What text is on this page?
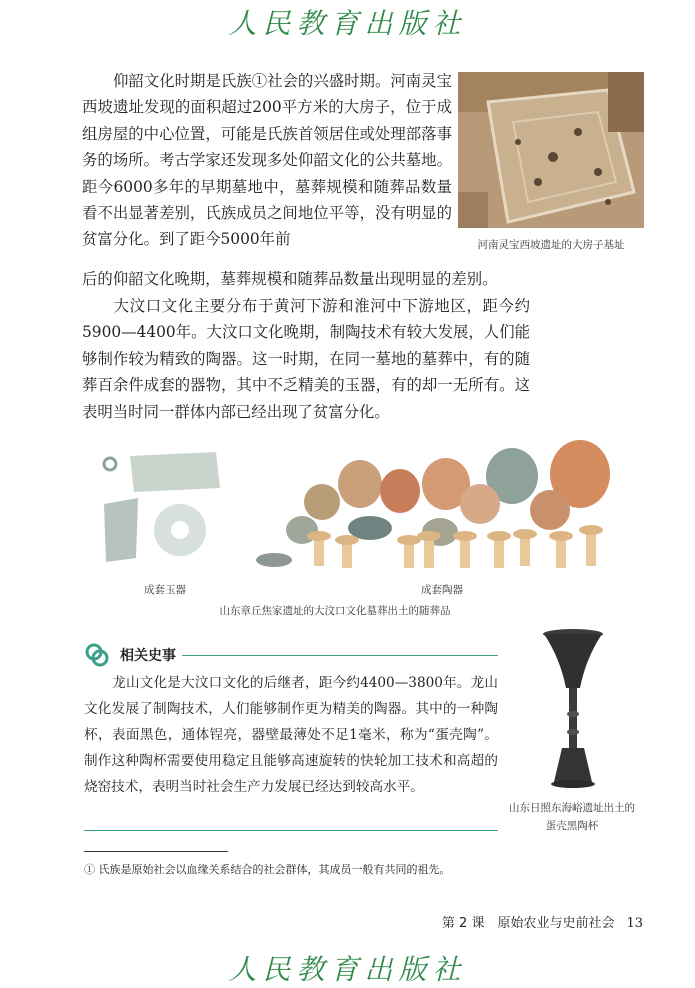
人民教育出版社
仰韶文化时期是氏族①社会的兴盛时期。河南灵宝西坡遗址发现的面积超过200平方米的大房子，位于成组房屋的中心位置，可能是氏族首领居住或处理部落事务的场所。考古学家还发现多处仰韶文化的公共墓地。距今6000多年的早期墓地中，墓葬规模和随葬品数量看不出显著差别，氏族成员之间地位平等，没有明显的贫富分化。到了距今5000年前
后的仰韶文化晚期，墓葬规模和随葬品数量出现明显的差别。
河南灵宝西坡遗址的大房子基址
大汶口文化主要分布于黄河下游和淮河中下游地区，距今约5900—4400年。大汶口文化晚期，制陶技术有较大发展，人们能够制作较为精致的陶器。这一时期，在同一墓地的墓葬中，有的随葬百余件成套的器物，其中不乏精美的玉器，有的却一无所有。这表明当时同一群体内部已经出现了贫富分化。
成套玉器	成套陶器
山东章丘焦家遗址的大汶口文化墓葬出土的随葬品
相关史事
龙山文化是大汶口文化的后继者，距今约4400—3800年。龙山文化发展了制陶技术，人们能够制作更为精美的陶器。其中的一种陶杯，表面黑色，通体锃亮，器壁最薄处不足1毫米，称为“蛋壳陶”。制作这种陶杯需要使用稳定且能够高速旋转的快轮加工技术和高超的烧窑技术，表明当时社会生产力发展已经达到较高水平。
山东日照东海峪遗址出土的
蛋壳黑陶杯
① 氏族是原始社会以血缘关系结合的社会群体，其成员一般有共同的祖先。
第 2 课　原始农业与史前社会 13
人民教育出版社
